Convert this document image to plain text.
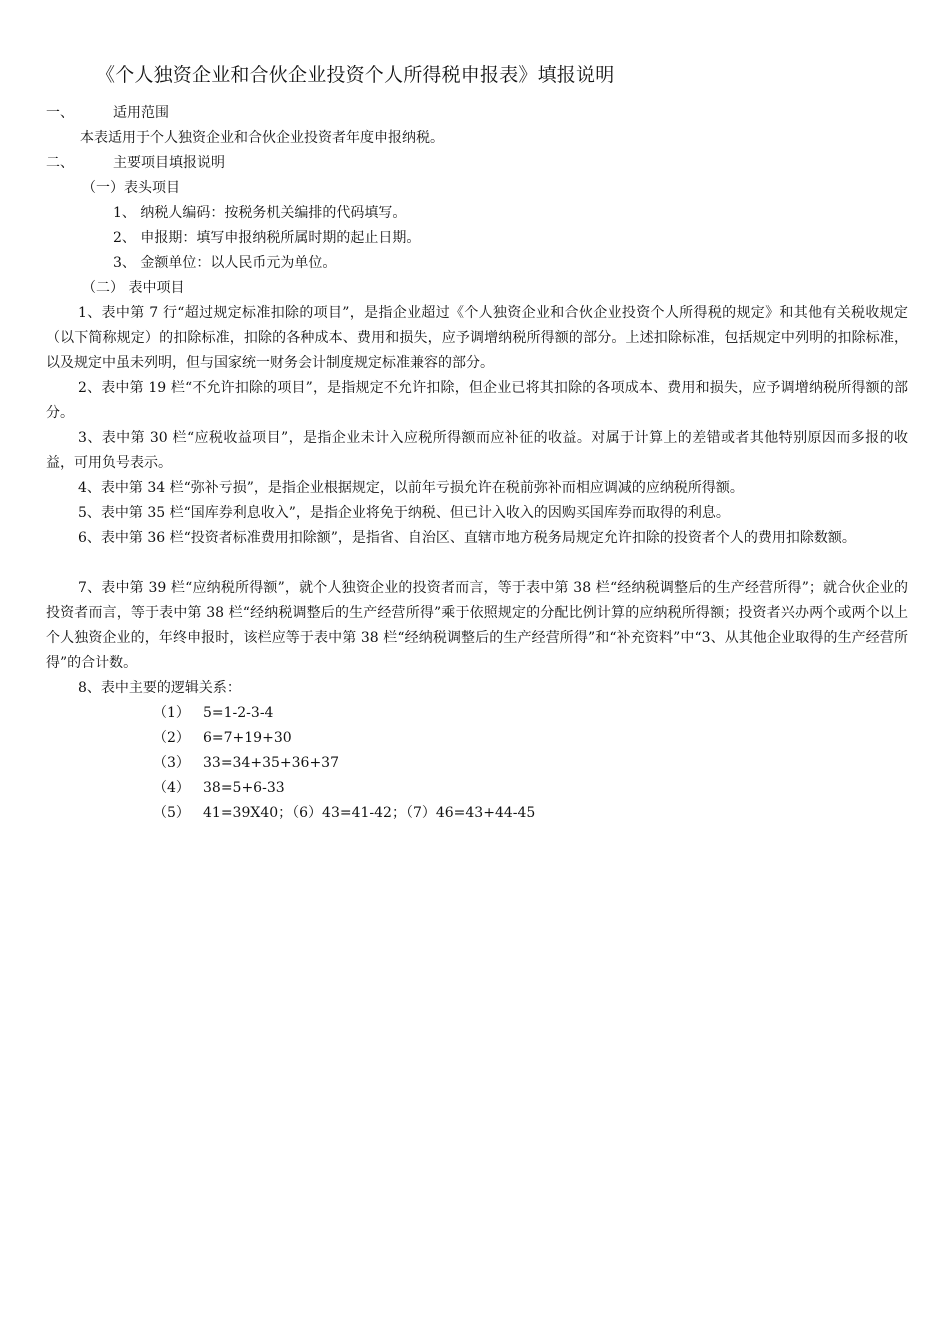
《个人独资企业和合伙企业投资个人所得税申报表》填报说明
一、	适用范围
本表适用于个人独资企业和合伙企业投资者年度申报纳税。
二、	主要项目填报说明
（一）表头项目
1、 纳税人编码：按税务机关编排的代码填写。
2、 申报期：填写申报纳税所属时期的起止日期。
3、 金额单位：以人民币元为单位。
（二） 表中项目

1、表中第 7 行“超过规定标准扣除的项目”，是指企业超过《个人独资企业和合伙企业投资个人所得税的规定》和其他有关税收规定（以下简称规定）的扣除标准，扣除的各种成本、费用和损失，应予调增纳税所得额的部分。上述扣除标准，包括规定中列明的扣除标准，以及规定中虽未列明，但与国家统一财务会计制度规定标准兼容的部分。

2、表中第 19 栏“不允许扣除的项目”，是指规定不允许扣除，但企业已将其扣除的各项成本、费用和损失，应予调增纳税所得额的部分。

3、表中第 30 栏“应税收益项目”，是指企业未计入应税所得额而应补征的收益。对属于计算上的差错或者其他特别原因而多报的收益，可用负号表示。

4、表中第 34 栏“弥补亏损”，是指企业根据规定，以前年亏损允许在税前弥补而相应调减的应纳税所得额。

5、表中第 35 栏“国库券利息收入”，是指企业将免于纳税、但已计入收入的因购买国库券而取得的利息。

6、表中第 36 栏“投资者标准费用扣除额”，是指省、自治区、直辖市地方税务局规定允许扣除的投资者个人的费用扣除数额。

7、表中第 39 栏“应纳税所得额”，就个人独资企业的投资者而言，等于表中第 38 栏“经纳税调整后的生产经营所得”；就合伙企业的投资者而言，等于表中第 38 栏“经纳税调整后的生产经营所得”乘于依照规定的分配比例计算的应纳税所得额；投资者兴办两个或两个以上个人独资企业的，年终申报时，该栏应等于表中第 38 栏“经纳税调整后的生产经营所得”和“补充资料”中“3、从其他企业取得的生产经营所得”的合计数。

8、表中主要的逻辑关系：

（1） 5=1-2-3-4
（2） 6=7+19+30
（3） 33=34+35+36+37
（4） 38=5+6-33
（5） 41=39X40；（6）43=41-42；（7）46=43+44-45
